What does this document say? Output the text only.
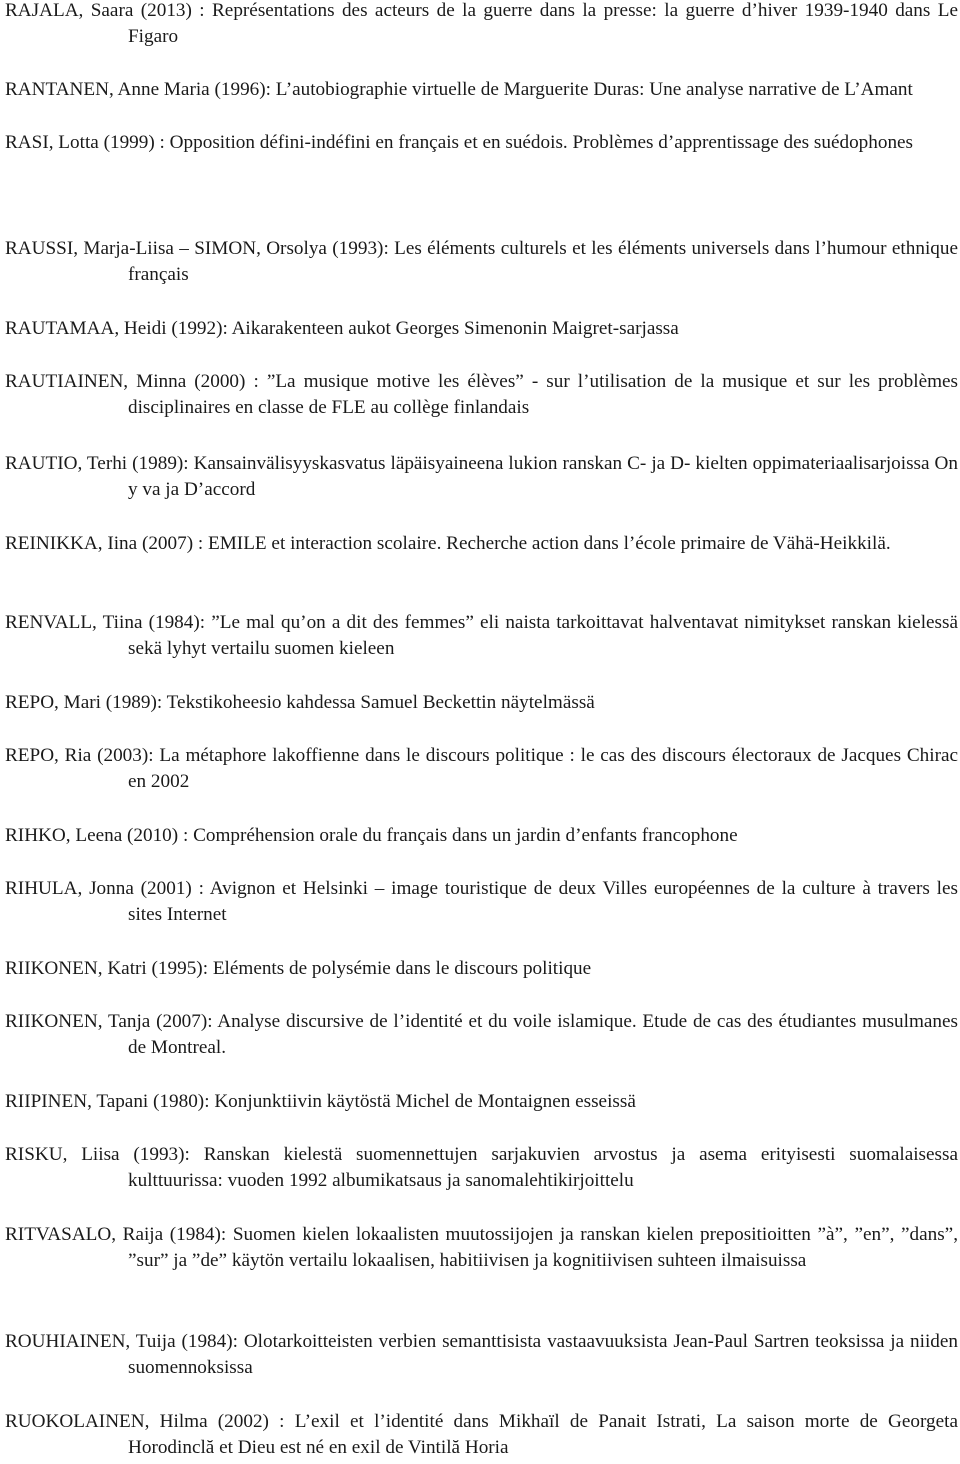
RAJALA, Saara (2013) : Représentations des acteurs de la guerre dans la presse: la guerre d’hiver 1939-1940 dans Le Figaro

RANTANEN, Anne Maria (1996): L’autobiographie virtuelle de Marguerite Duras: Une analyse narrative de L’Amant

RASI, Lotta (1999) : Opposition défini-indéfini en français et en suédois. Problèmes d’apprentissage des suédophones

RAUSSI, Marja-Liisa – SIMON, Orsolya (1993): Les éléments culturels et les éléments universels dans l’humour ethnique français

RAUTAMAA, Heidi (1992): Aikarakenteen aukot Georges Simenonin Maigret-sarjassa

RAUTIAINEN, Minna (2000) : ”La musique motive les élèves” - sur l’utilisation de la musique et sur les problèmes disciplinaires en classe de FLE au collège finlandais

RAUTIO, Terhi (1989): Kansainvälisyyskasvatus läpäisyaineena lukion ranskan C- ja D- kielten oppimateriaalisarjoissa On y va ja D’accord

REINIKKA, Iina (2007) : EMILE et interaction scolaire. Recherche action dans l’école primaire de Vähä-Heikkilä.

RENVALL, Tiina (1984): ”Le mal qu’on a dit des femmes” eli naista tarkoittavat halventavat nimitykset ranskan kielessä sekä lyhyt vertailu suomen kieleen

REPO, Mari (1989): Tekstikoheesio kahdessa Samuel Beckettin näytelmässä

REPO, Ria (2003): La métaphore lakoffienne dans le discours politique : le cas des discours électoraux de Jacques Chirac en 2002

RIHKO, Leena (2010) : Compréhension orale du français dans un jardin d’enfants francophone

RIHULA, Jonna (2001) : Avignon et Helsinki – image touristique de deux Villes européennes de la culture à travers les sites Internet

RIIKONEN, Katri (1995): Eléments de polysémie dans le discours politique

RIIKONEN, Tanja (2007): Analyse discursive de l’identité et du voile islamique. Etude de cas des étudiantes musulmanes de Montreal.

RIIPINEN, Tapani (1980): Konjunktiivin käytöstä Michel de Montaignen esseissä

RISKU, Liisa (1993): Ranskan kielestä suomennettujen sarjakuvien arvostus ja asema erityisesti suomalaisessa kulttuurissa: vuoden 1992 albumikatsaus ja sanomalehtikirjoittelu

RITVASALO, Raija (1984): Suomen kielen lokaalisten muutossijojen ja ranskan kielen prepositioitten ”à”, ”en”, ”dans”, ”sur” ja ”de” käytön vertailu lokaalisen, habitiivisen ja kognitiivisen suhteen ilmaisuissa

ROUHIAINEN, Tuija (1984): Olotarkoitteisten verbien semanttisista vastaavuuksista Jean-Paul Sartren teoksissa ja niiden suomennoksissa

RUOKOLAINEN, Hilma (2002) : L’exil et l’identité dans Mikhaïl de Panait Istrati, La saison morte de Georgeta Horodinclă et Dieu est né en exil de Vintilă Horia
